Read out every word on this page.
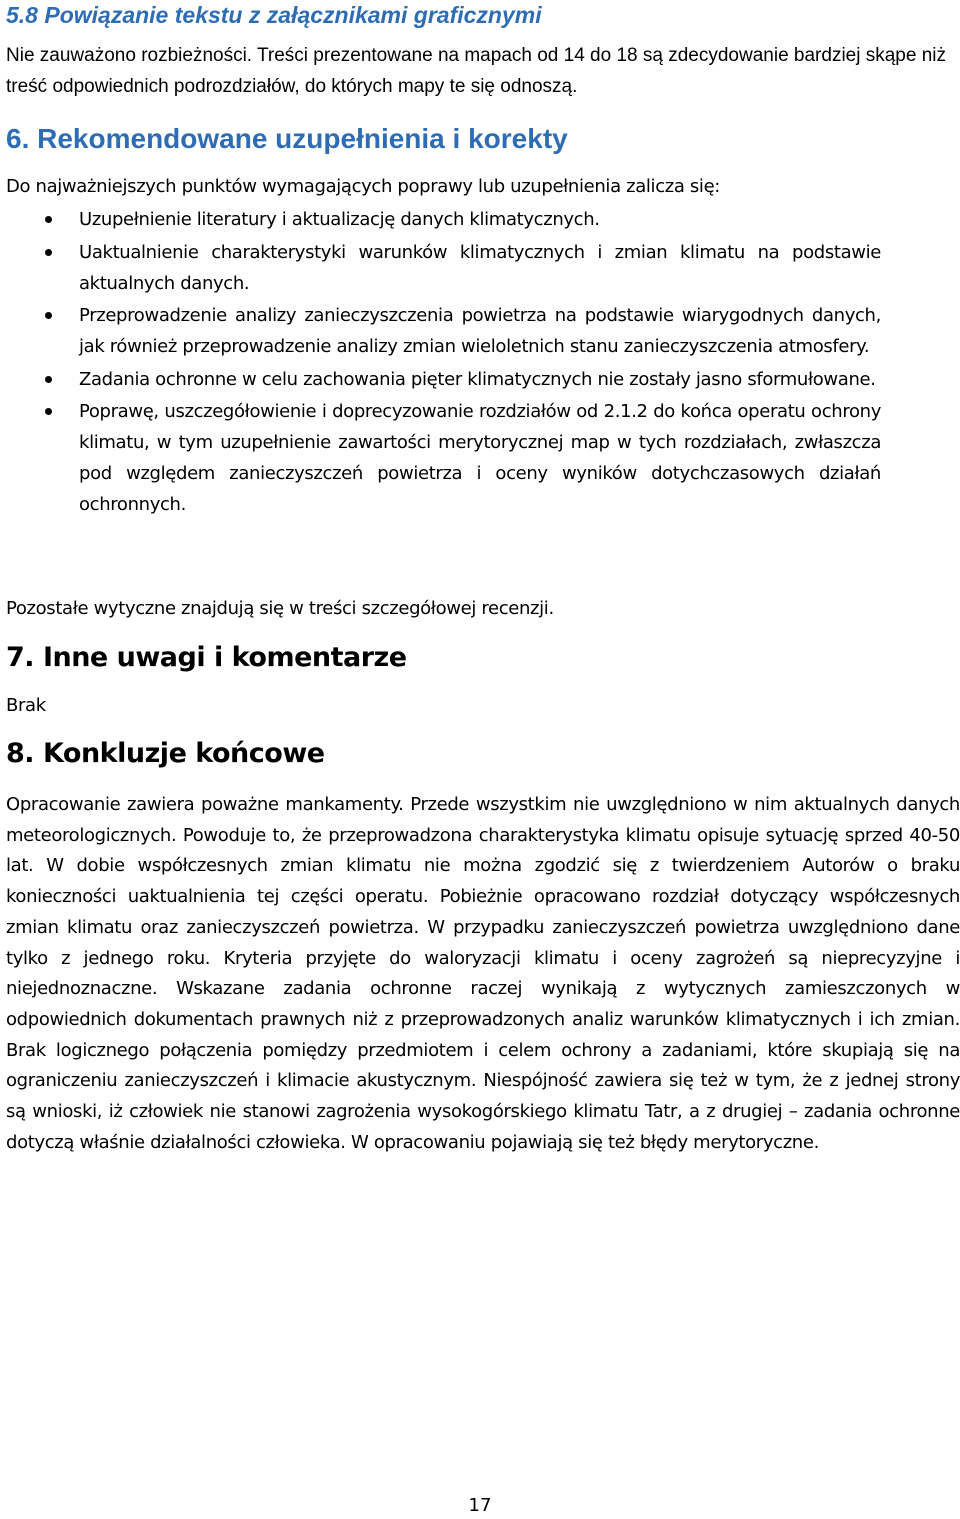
5.8 Powiązanie tekstu z załącznikami graficznymi

Nie zauważono rozbieżności. Treści prezentowane na mapach od 14 do 18 są zdecydowanie bardziej skąpe niż treść odpowiednich podrozdziałów, do których mapy te się odnoszą.

6. Rekomendowane uzupełnienia i korekty

Do najważniejszych punktów wymagających poprawy lub uzupełnienia zalicza się:

Uzupełnienie literatury i aktualizację danych klimatycznych.
Uaktualnienie charakterystyki warunków klimatycznych i zmian klimatu na podstawie aktualnych danych.
Przeprowadzenie analizy zanieczyszczenia powietrza na podstawie wiarygodnych danych, jak również przeprowadzenie analizy zmian wieloletnich stanu zanieczyszczenia atmosfery.
Zadania ochronne w celu zachowania pięter klimatycznych nie zostały jasno sformułowane.
Poprawę, uszczegółowienie i doprecyzowanie rozdziałów od 2.1.2 do końca operatu ochrony klimatu, w tym uzupełnienie zawartości merytorycznej map w tych rozdziałach, zwłaszcza pod względem zanieczyszczeń powietrza i oceny wyników dotychczasowych działań ochronnych.

Pozostałe wytyczne znajdują się w treści szczegółowej recenzji.

7. Inne uwagi i komentarze

Brak

8. Konkluzje końcowe

Opracowanie zawiera poważne mankamenty. Przede wszystkim nie uwzględniono w nim aktualnych danych meteorologicznych. Powoduje to, że przeprowadzona charakterystyka klimatu opisuje sytuację sprzed 40-50 lat. W dobie współczesnych zmian klimatu nie można zgodzić się z twierdzeniem Autorów o braku konieczności uaktualnienia tej części operatu. Pobieżnie opracowano rozdział dotyczący współczesnych zmian klimatu oraz zanieczyszczeń powietrza. W przypadku zanieczyszczeń powietrza uwzględniono dane tylko z jednego roku. Kryteria przyjęte do waloryzacji klimatu i oceny zagrożeń są nieprecyzyjne i niejednoznaczne. Wskazane zadania ochronne raczej wynikają z wytycznych zamieszczonych w odpowiednich dokumentach prawnych niż z przeprowadzonych analiz warunków klimatycznych i ich zmian. Brak logicznego połączenia pomiędzy przedmiotem i celem ochrony a zadaniami, które skupiają się na ograniczeniu zanieczyszczeń i klimacie akustycznym. Niespójność zawiera się też w tym, że z jednej strony są wnioski, iż człowiek nie stanowi zagrożenia wysokogórskiego klimatu Tatr, a z drugiej – zadania ochronne dotyczą właśnie działalności człowieka. W opracowaniu pojawiają się też błędy merytoryczne.

17
